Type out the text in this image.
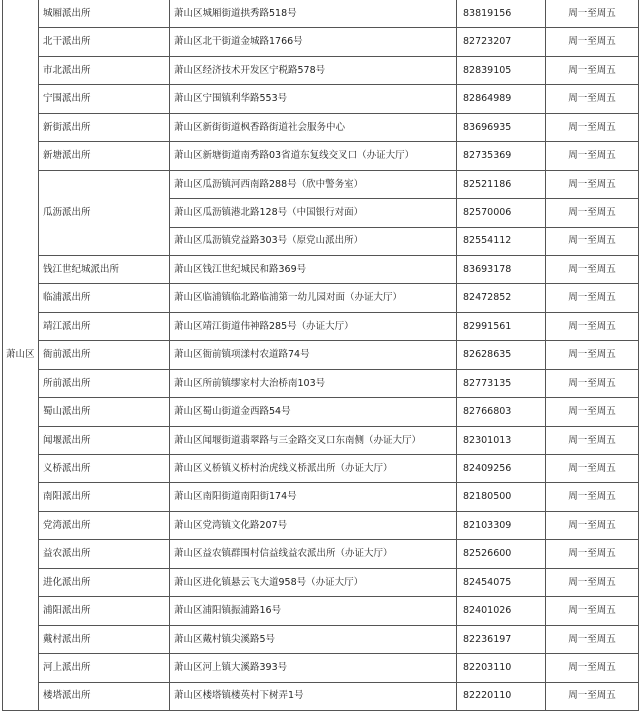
萧山区	城厢派出所	萧山区城厢街道拱秀路518号	83819156	周一至周五
	北干派出所	萧山区北干街道金城路1766号	82723207	周一至周五
	市北派出所	萧山区经济技术开发区宁税路578号	82839105	周一至周五
	宁围派出所	萧山区宁围镇利华路553号	82864989	周一至周五
	新街派出所	萧山区新街街道枫香路街道社会服务中心	83696935	周一至周五
	新塘派出所	萧山区新塘街道南秀路03省道东复线交叉口（办证大厅）	82735369	周一至周五
	瓜沥派出所	萧山区瓜沥镇河西南路288号（欣中警务室）	82521186	周一至周五
		萧山区瓜沥镇港北路128号（中国银行对面）	82570006	周一至周五
		萧山区瓜沥镇党益路303号（原党山派出所）	82554112	周一至周五
	钱江世纪城派出所	萧山区钱江世纪城民和路369号	83693178	周一至周五
	临浦派出所	萧山区临浦镇临北路临浦第一幼儿园对面（办证大厅）	82472852	周一至周五
	靖江派出所	萧山区靖江街道伟神路285号（办证大厅）	82991561	周一至周五
	衙前派出所	萧山区衙前镇项漾村农道路74号	82628635	周一至周五
	所前派出所	萧山区所前镇缪家村大治桥南103号	82773135	周一至周五
	蜀山派出所	萧山区蜀山街道金西路54号	82766803	周一至周五
	闻堰派出所	萧山区闻堰街道翡翠路与三金路交叉口东南侧（办证大厅）	82301013	周一至周五
	义桥派出所	萧山区义桥镇义桥村治虎线义桥派出所（办证大厅）	82409256	周一至周五
	南阳派出所	萧山区南阳街道南阳街174号	82180500	周一至周五
	党湾派出所	萧山区党湾镇文化路207号	82103309	周一至周五
	益农派出所	萧山区益农镇群围村信益线益农派出所（办证大厅）	82526600	周一至周五
	进化派出所	萧山区进化镇悬云飞大道958号（办证大厅）	82454075	周一至周五
	浦阳派出所	萧山区浦阳镇振浦路16号	82401026	周一至周五
	戴村派出所	萧山区戴村镇尖溪路5号	82236197	周一至周五
	河上派出所	萧山区河上镇大溪路393号	82203110	周一至周五
	楼塔派出所	萧山区楼塔镇楼英村下树弄1号	82220110	周一至周五
